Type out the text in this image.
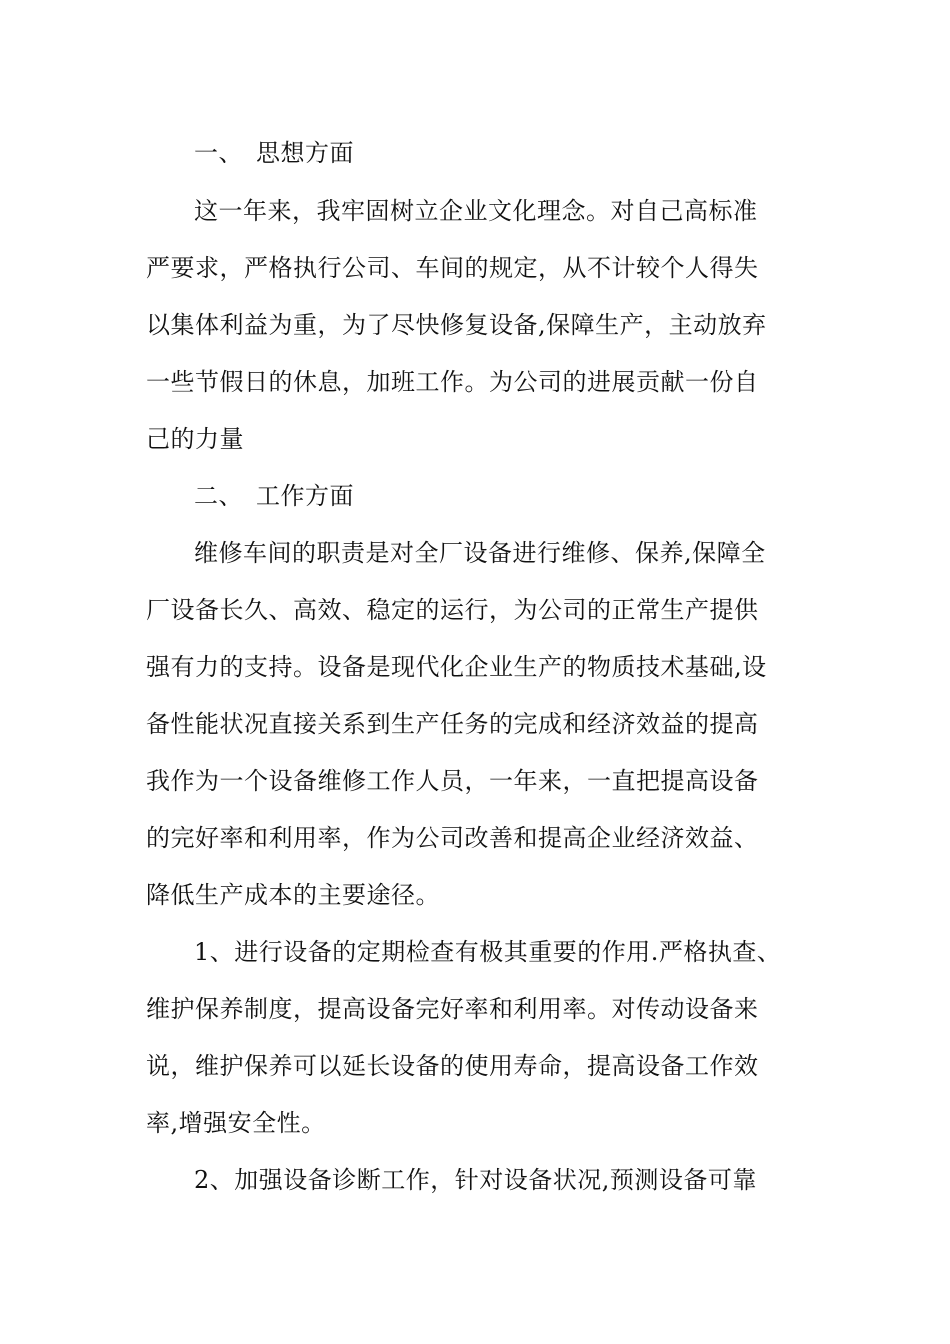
一、 思想方面
这一年来，我牢固树立企业文化理念。对自己高标准
严要求，严格执行公司、车间的规定，从不计较个人得失
以集体利益为重，为了尽快修复设备,保障生产，主动放弃
一些节假日的休息，加班工作。为公司的进展贡献一份自
己的力量
二、 工作方面
维修车间的职责是对全厂设备进行维修、保养,保障全
厂设备长久、高效、稳定的运行，为公司的正常生产提供
强有力的支持。设备是现代化企业生产的物质技术基础,设
备性能状况直接关系到生产任务的完成和经济效益的提高
我作为一个设备维修工作人员，一年来，一直把提高设备
的完好率和利用率，作为公司改善和提高企业经济效益、
降低生产成本的主要途径。
1、进行设备的定期检查有极其重要的作用.严格执查、
维护保养制度，提高设备完好率和利用率。对传动设备来
说，维护保养可以延长设备的使用寿命，提高设备工作效
率,增强安全性。
2、加强设备诊断工作，针对设备状况,预测设备可靠
